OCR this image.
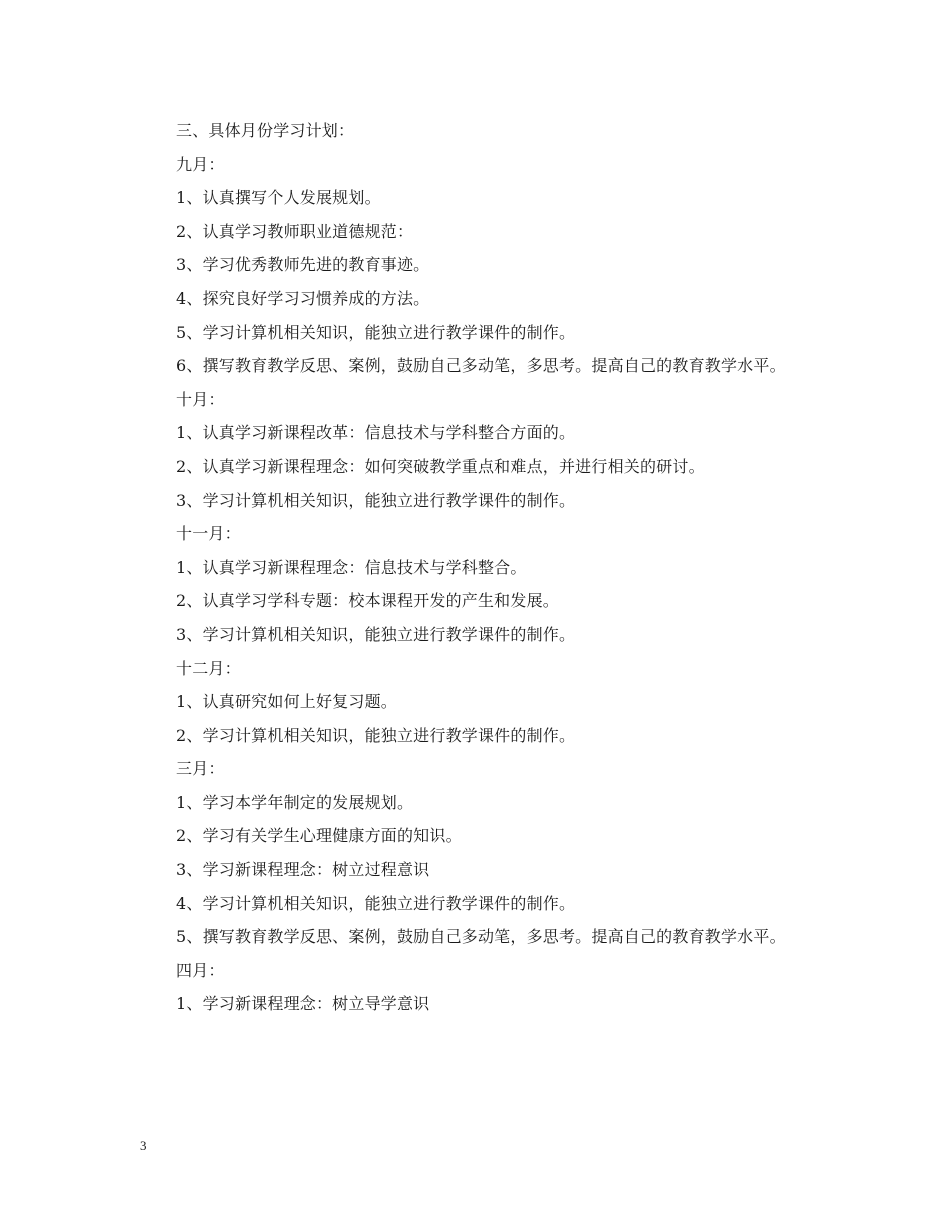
三、具体月份学习计划：
九月：
1、认真撰写个人发展规划。
2、认真学习教师职业道德规范：
3、学习优秀教师先进的教育事迹。
4、探究良好学习习惯养成的方法。
5、学习计算机相关知识，能独立进行教学课件的制作。
6、撰写教育教学反思、案例，鼓励自己多动笔，多思考。提高自己的教育教学水平。
十月：
1、认真学习新课程改革：信息技术与学科整合方面的。
2、认真学习新课程理念：如何突破教学重点和难点，并进行相关的研讨。
3、学习计算机相关知识，能独立进行教学课件的制作。
十一月：
1、认真学习新课程理念：信息技术与学科整合。
2、认真学习学科专题：校本课程开发的产生和发展。
3、学习计算机相关知识，能独立进行教学课件的制作。
十二月：
1、认真研究如何上好复习题。
2、学习计算机相关知识，能独立进行教学课件的制作。
三月：
1、学习本学年制定的发展规划。
2、学习有关学生心理健康方面的知识。
3、学习新课程理念：树立过程意识
4、学习计算机相关知识，能独立进行教学课件的制作。
5、撰写教育教学反思、案例，鼓励自己多动笔，多思考。提高自己的教育教学水平。
四月：
1、学习新课程理念：树立导学意识
3
